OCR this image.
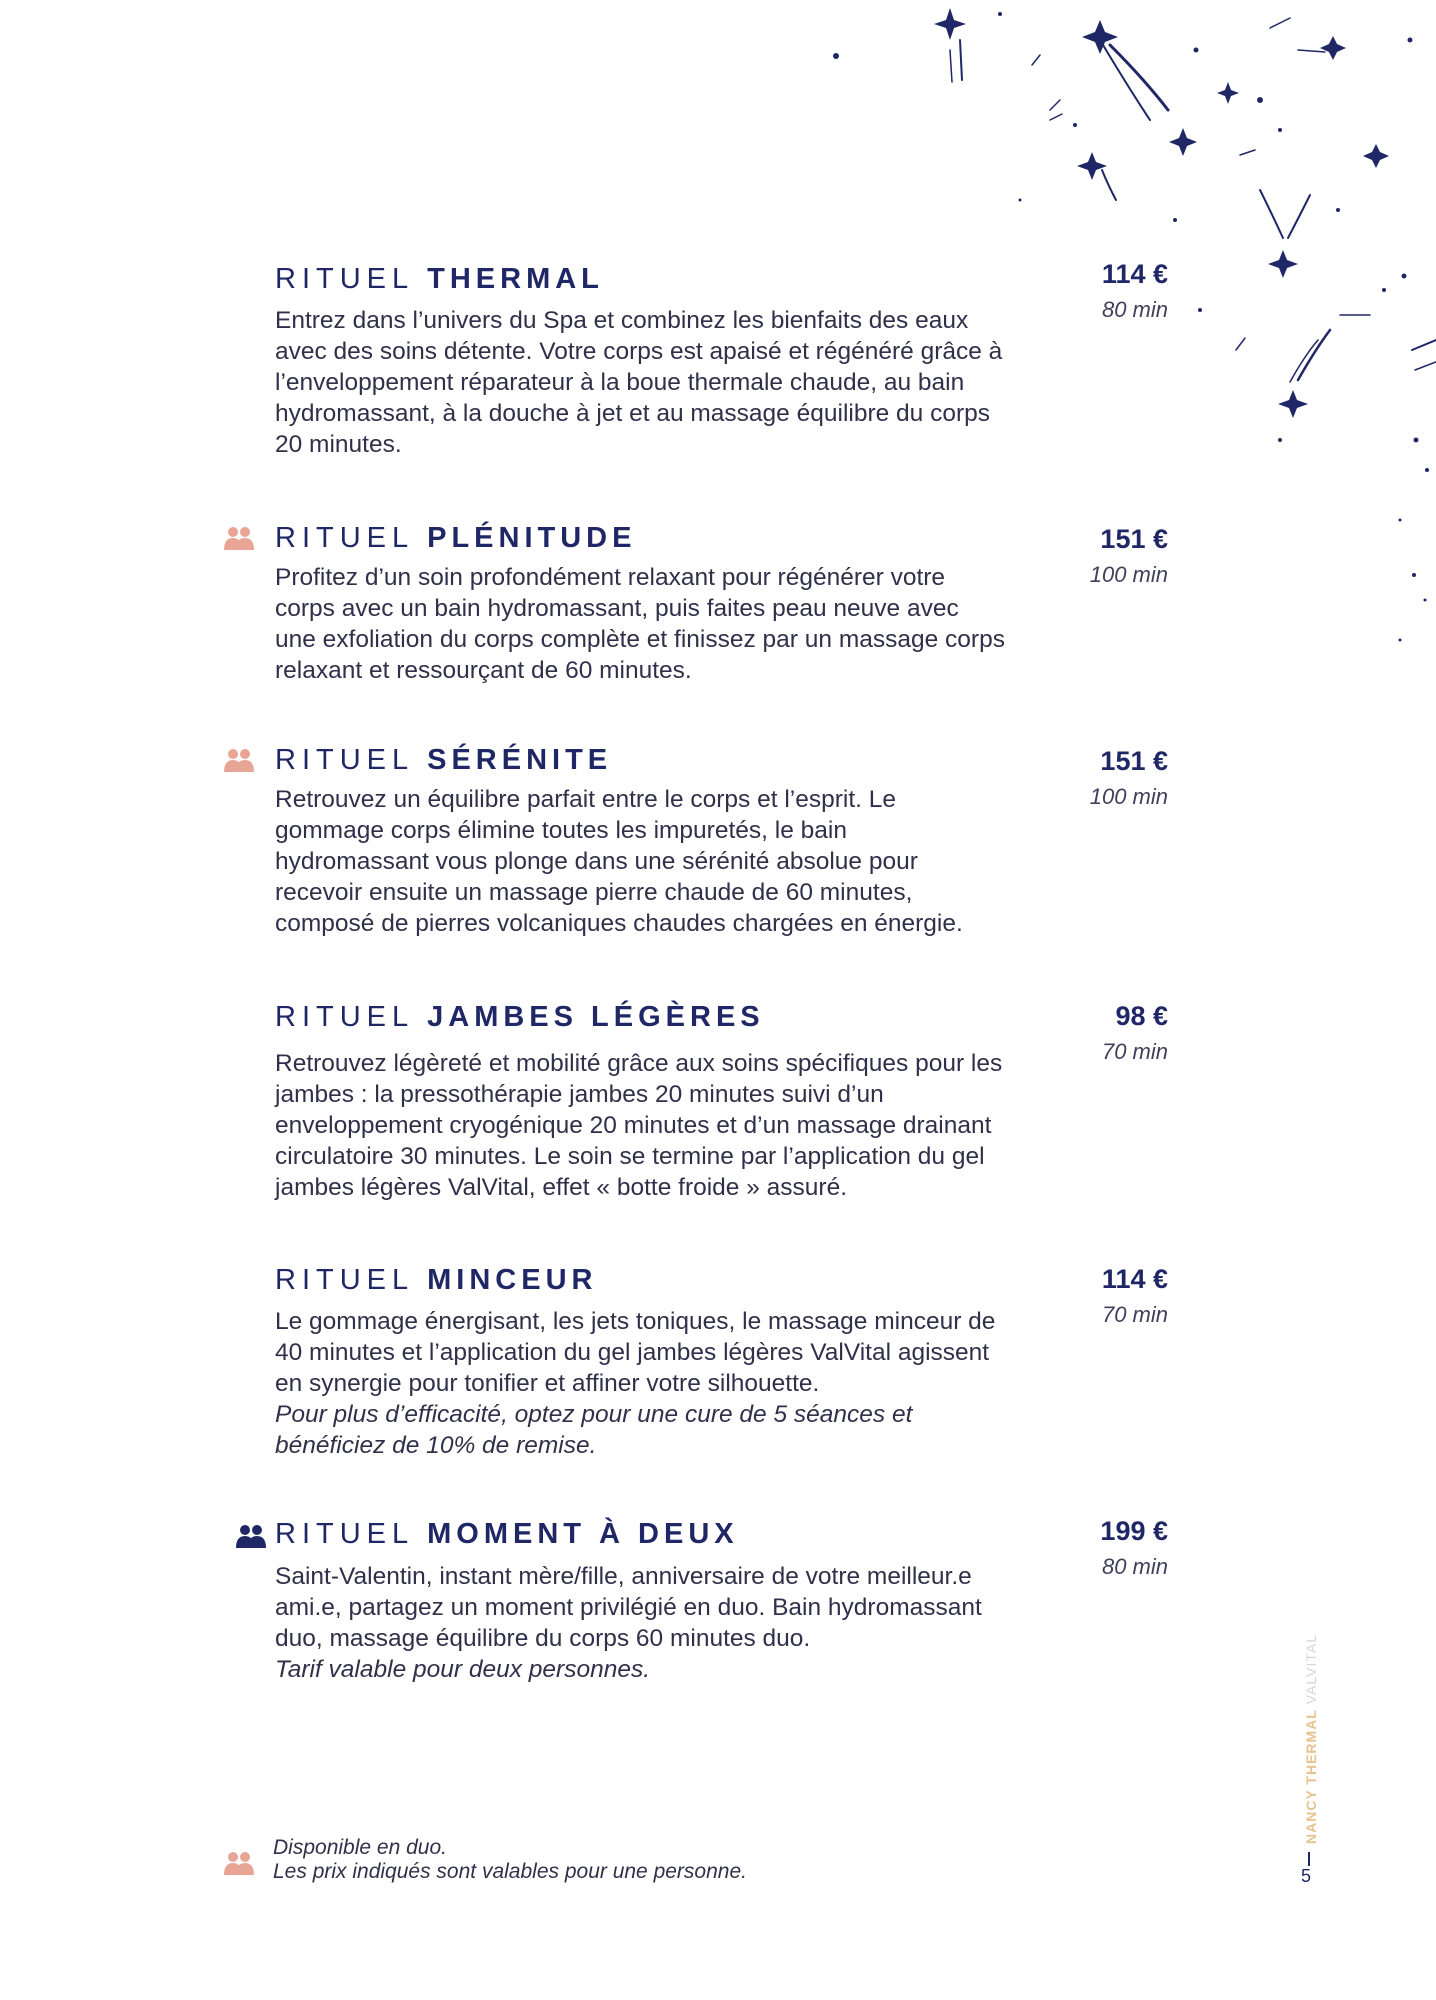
RITUEL THERMAL

Entrez dans l’univers du Spa et combinez les bienfaits des eaux avec des soins détente. Votre corps est apaisé et régénéré grâce à l’enveloppement réparateur à la boue thermale chaude, au bain hydromassant, à la douche à jet et au massage équilibre du corps 20 minutes.

114 €
80 min
RITUEL PLÉNITUDE

Profitez d’un soin profondément relaxant pour régénérer votre corps avec un bain hydromassant, puis faites peau neuve avec une exfoliation du corps complète et finissez par un massage corps relaxant et ressourçant de 60 minutes.

151 €
100 min
RITUEL SÉRÉNITE

Retrouvez un équilibre parfait entre le corps et l’esprit. Le gommage corps élimine toutes les impuretés, le bain hydromassant vous plonge dans une sérénité absolue pour recevoir ensuite un massage pierre chaude de 60 minutes, composé de pierres volcaniques chaudes chargées en énergie.

151 €
100 min
RITUEL JAMBES LÉGÈRES

Retrouvez légèreté et mobilité grâce aux soins spécifiques pour les jambes : la pressothérapie jambes 20 minutes suivi d’un enveloppement cryogénique 20 minutes et d’un massage drainant circulatoire 30 minutes. Le soin se termine par l’application du gel jambes légères ValVital, effet « botte froide » assuré.

98 €
70 min
RITUEL MINCEUR

Le gommage énergisant, les jets toniques, le massage minceur de 40 minutes et l’application du gel jambes légères ValVital agissent en synergie pour tonifier et affiner votre silhouette.
Pour plus d’efficacité, optez pour une cure de 5 séances et bénéficiez de 10% de remise.

114 €
70 min
RITUEL MOMENT À DEUX

Saint-Valentin, instant mère/fille, anniversaire de votre meilleur.e ami.e, partagez un moment privilégié en duo. Bain hydromassant duo, massage équilibre du corps 60 minutes duo.
Tarif valable pour deux personnes.

199 €
80 min
Disponible en duo.
Les prix indiqués sont valables pour une personne.
NANCY THERMAL VALVITAL
5
